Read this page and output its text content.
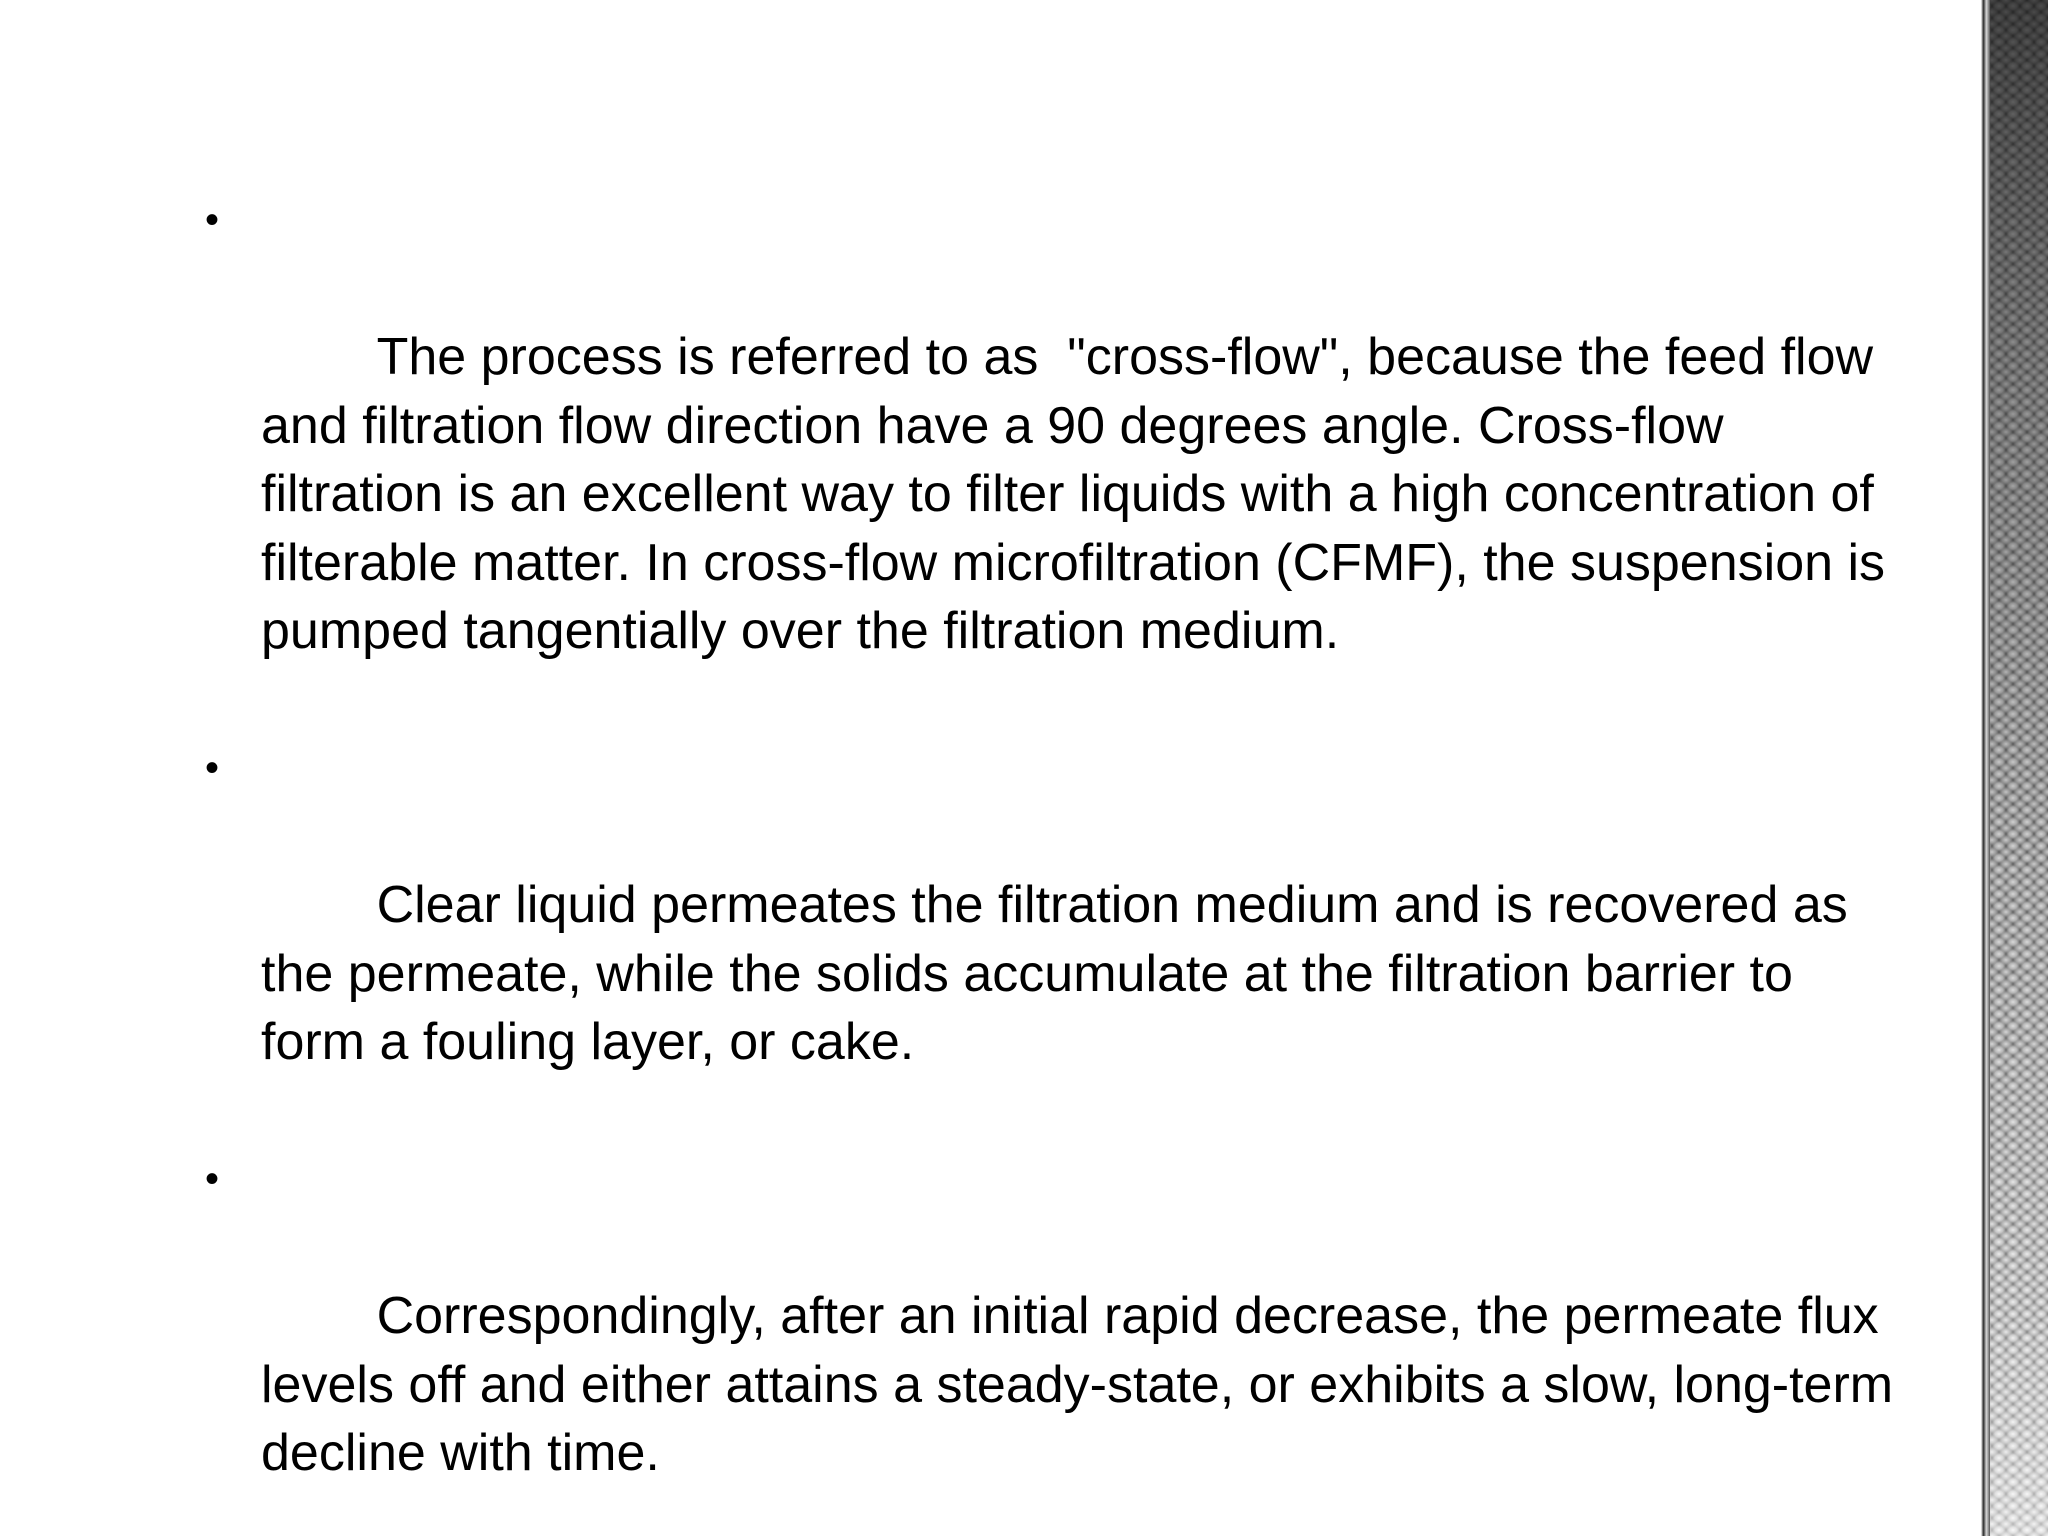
•

The process is referred to as  "cross-flow", because the feed flow and filtration flow direction have a 90 degrees angle. Cross-flow filtration is an excellent way to filter liquids with a high concentration of filterable matter. In cross-flow microfiltration (CFMF), the suspension is pumped tangentially over the filtration medium.

•

Clear liquid permeates the filtration medium and is recovered as the permeate, while the solids accumulate at the filtration barrier to form a fouling layer, or cake.

•

Correspondingly, after an initial rapid decrease, the permeate flux levels off and either attains a steady-state, or exhibits a slow, long-term decline with time.
